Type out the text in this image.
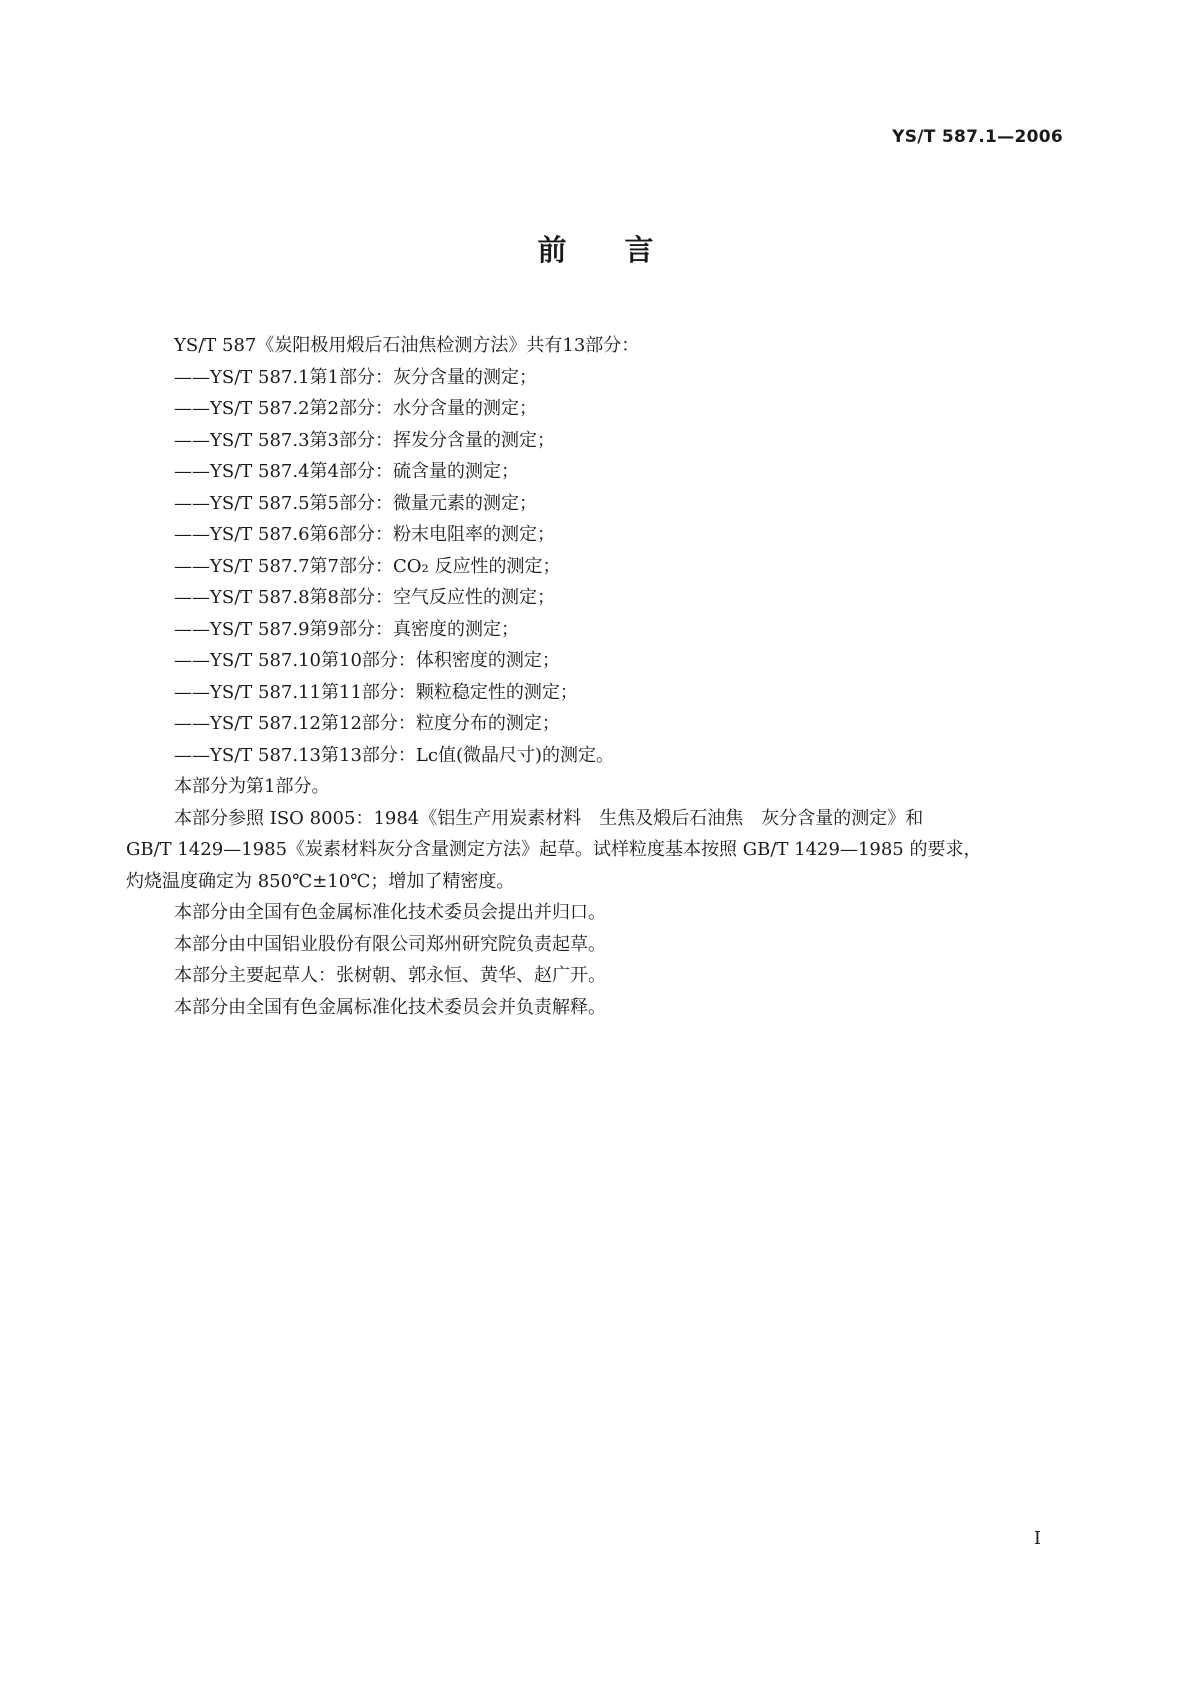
YS/T 587.1—2006
前言

YS/T 587《炭阳极用煅后石油焦检测方法》共有13部分：

——YS/T 587.1第1部分：灰分含量的测定；

——YS/T 587.2第2部分：水分含量的测定；

——YS/T 587.3第3部分：挥发分含量的测定；

——YS/T 587.4第4部分：硫含量的测定；

——YS/T 587.5第5部分：微量元素的测定；

——YS/T 587.6第6部分：粉末电阻率的测定；

——YS/T 587.7第7部分：CO₂ 反应性的测定；

——YS/T 587.8第8部分：空气反应性的测定；

——YS/T 587.9第9部分：真密度的测定；

——YS/T 587.10第10部分：体积密度的测定；

——YS/T 587.11第11部分：颗粒稳定性的测定；

——YS/T 587.12第12部分：粒度分布的测定；

——YS/T 587.13第13部分：Lc值(微晶尺寸)的测定。

本部分为第1部分。

本部分参照 ISO 8005：1984《铝生产用炭素材料　生焦及煅后石油焦　灰分含量的测定》和

GB/T 1429—1985《炭素材料灰分含量测定方法》起草。试样粒度基本按照 GB/T 1429—1985 的要求，

灼烧温度确定为 850℃±10℃；增加了精密度。

本部分由全国有色金属标准化技术委员会提出并归口。

本部分由中国铝业股份有限公司郑州研究院负责起草。

本部分主要起草人：张树朝、郭永恒、黄华、赵广开。

本部分由全国有色金属标准化技术委员会并负责解释。

I
